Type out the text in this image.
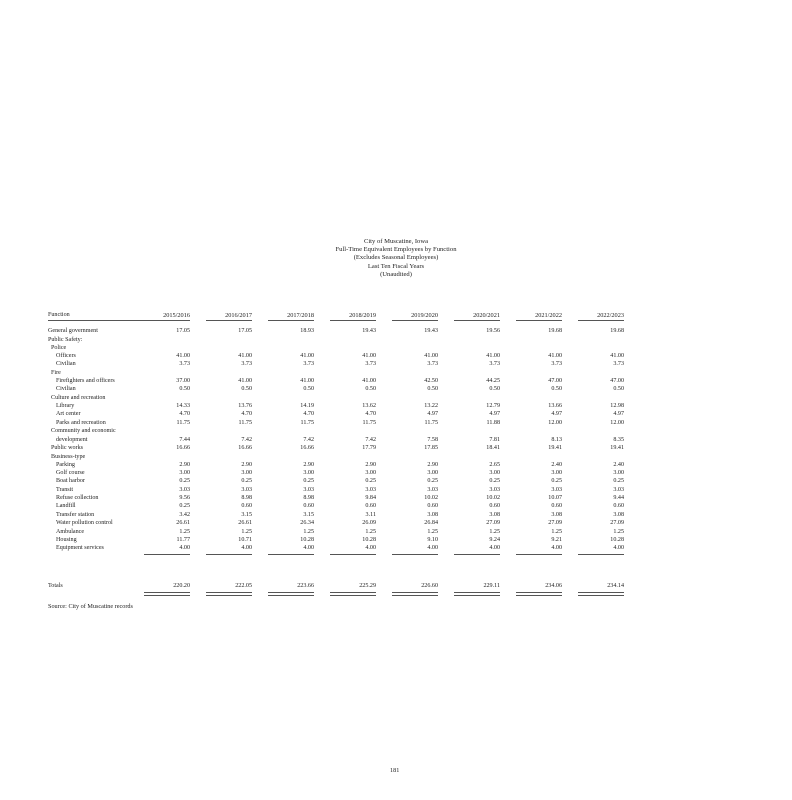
City of Muscatine, Iowa
Full-Time Equivalent Employees by Function
(Excludes Seasonal Employees)
Last Ten Fiscal Years
(Unaudited)
Function	2015/2016	2016/2017	2017/2018	2018/2019	2019/2020	2020/2021	2021/2022	2022/2023
General government	17.05	17.05	18.93	19.43	19.43	19.56	19.68	19.68
Public Safety:
Police
Officers	41.00	41.00	41.00	41.00	41.00	41.00	41.00	41.00
Civilian	3.73	3.73	3.73	3.73	3.73	3.73	3.73	3.73
Fire
Firefighters and officers	37.00	41.00	41.00	41.00	42.50	44.25	47.00	47.00
Civilian	0.50	0.50	0.50	0.50	0.50	0.50	0.50	0.50
Culture and recreation
Library	14.33	13.76	14.19	13.62	13.22	12.79	13.66	12.98
Art center	4.70	4.70	4.70	4.70	4.97	4.97	4.97	4.97
Parks and recreation	11.75	11.75	11.75	11.75	11.75	11.88	12.00	12.00
Community and economic
development	7.44	7.42	7.42	7.42	7.58	7.81	8.13	8.35
Public works	16.66	16.66	16.66	17.79	17.85	18.41	19.41	19.41
Business-type
Parking	2.90	2.90	2.90	2.90	2.90	2.65	2.40	2.40
Golf course	3.00	3.00	3.00	3.00	3.00	3.00	3.00	3.00
Boat harbor	0.25	0.25	0.25	0.25	0.25	0.25	0.25	0.25
Transit	3.03	3.03	3.03	3.03	3.03	3.03	3.03	3.03
Refuse collection	9.56	8.98	8.98	9.84	10.02	10.02	10.07	9.44
Landfill	0.25	0.60	0.60	0.60	0.60	0.60	0.60	0.60
Transfer station	3.42	3.15	3.15	3.11	3.08	3.08	3.08	3.08
Water pollution control	26.61	26.61	26.34	26.09	26.84	27.09	27.09	27.09
Ambulance	1.25	1.25	1.25	1.25	1.25	1.25	1.25	1.25
Housing	11.77	10.71	10.28	10.28	9.10	9.24	9.21	10.28
Equipment services	4.00	4.00	4.00	4.00	4.00	4.00	4.00	4.00
Totals	220.20	222.05	223.66	225.29	226.60	229.11	234.06	234.14
Source: City of Muscatine records
181
